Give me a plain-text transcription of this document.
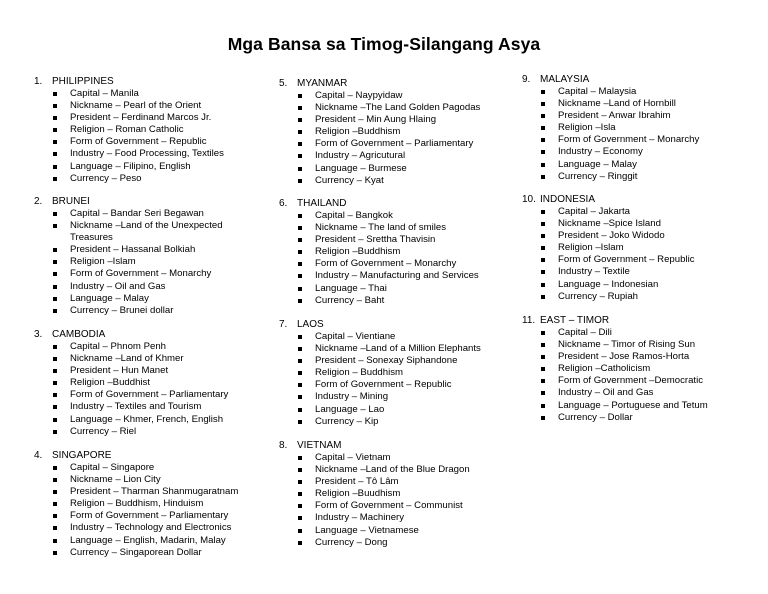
Mga Bansa sa Timog-Silangang Asya
1. PHILIPPINES
Capital – Manila
Nickname – Pearl of the Orient
President – Ferdinand Marcos Jr.
Religion – Roman Catholic
Form of Government – Republic
Industry – Food Processing, Textiles
Language – Filipino, English
Currency – Peso
2. BRUNEI
Capital – Bandar Seri Begawan
Nickname –Land of the Unexpected Treasures
President – Hassanal Bolkiah
Religion –Islam
Form of Government – Monarchy
Industry – Oil and Gas
Language – Malay
Currency – Brunei dollar
3. CAMBODIA
Capital – Phnom Penh
Nickname –Land of Khmer
President – Hun Manet
Religion –Buddhist
Form of Government – Parliamentary
Industry – Textiles and Tourism
Language – Khmer, French, English
Currency – Riel
4. SINGAPORE
Capital – Singapore
Nickname – Lion City
President – Tharman Shanmugaratnam
Religion – Buddhism, Hinduism
Form of Government – Parliamentary
Industry – Technology and Electronics
Language – English, Madarin, Malay
Currency – Singaporean Dollar
5. MYANMAR
Capital – Naypyidaw
Nickname –The Land Golden Pagodas
President – Min Aung Hlaing
Religion –Buddhism
Form of Government – Parliamentary
Industry – Agricutural
Language – Burmese
Currency – Kyat
6. THAILAND
Capital – Bangkok
Nickname – The land of smiles
President – Srettha Thavisin
Religion –Buddhism
Form of Government – Monarchy
Industry – Manufacturing and Services
Language – Thai
Currency – Baht
7. LAOS
Capital – Vientiane
Nickname –Land of a Million Elephants
President – Sonexay Siphandone
Religion – Buddhism
Form of Government – Republic
Industry – Mining
Language – Lao
Currency – Kip
8. VIETNAM
Capital – Vietnam
Nickname –Land of the Blue Dragon
President – Tô Lâm
Religion –Buudhism
Form of Government – Communist
Industry – Machinery
Language – Vietnamese
Currency – Dong
9. MALAYSIA
Capital – Malaysia
Nickname –Land of Hornbill
President – Anwar Ibrahim
Religion –Isla
Form of Government – Monarchy
Industry – Economy
Language – Malay
Currency – Ringgit
10. INDONESIA
Capital – Jakarta
Nickname –Spice Island
President – Joko Widodo
Religion –Islam
Form of Government – Republic
Industry – Textile
Language – Indonesian
Currency – Rupiah
11. EAST – TIMOR
Capital – Dili
Nickname – Timor of Rising Sun
President – Jose Ramos-Horta
Religion –Catholicism
Form of Government –Democratic
Industry – Oil and Gas
Language – Portuguese and Tetum
Currency – Dollar
